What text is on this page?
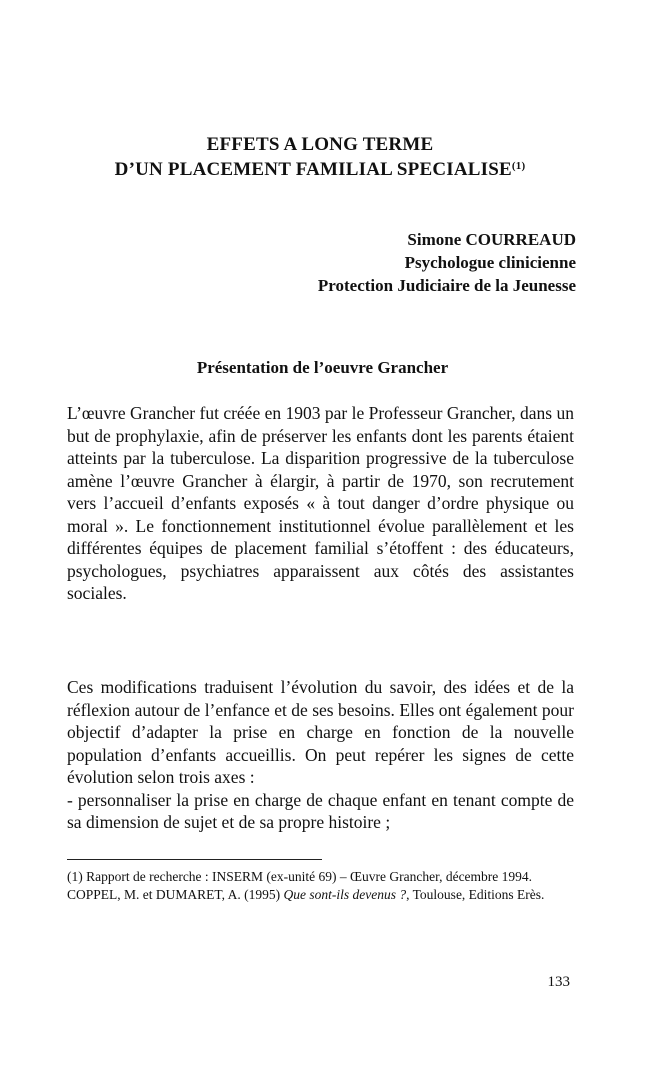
EFFETS A LONG TERME
D’UN PLACEMENT FAMILIAL SPECIALISE$^{(1)}$
Simone COURREAUD
Psychologue clinicienne
Protection Judiciaire de la Jeunesse
Présentation de l’oeuvre Grancher

L’œuvre Grancher fut créée en 1903 par le Professeur Grancher, dans un but de prophylaxie, afin de préserver les enfants dont les parents étaient atteints par la tuberculose. La disparition progressive de la tuberculose amène l’œuvre Grancher à élargir, à partir de 1970, son recrutement vers l’accueil d’enfants exposés « à tout danger d’ordre physique ou moral ». Le fonctionnement institutionnel évolue parallèlement et les différentes équipes de placement familial s’étoffent : des éducateurs, psychologues, psychiatres apparaissent aux côtés des assistantes sociales.

Ces modifications traduisent l’évolution du savoir, des idées et de la réflexion autour de l’enfance et de ses besoins. Elles ont également pour objectif d’adapter la prise en charge en fonction de la nouvelle population d’enfants accueillis. On peut repérer les signes de cette évolution selon trois axes :

- personnaliser la prise en charge de chaque enfant en tenant compte de sa dimension de sujet et de sa propre histoire ;

(1) Rapport de recherche : INSERM (ex-unité 69) – Œuvre Grancher, décembre 1994.

COPPEL, M. et DUMARET, A. (1995) Que sont-ils devenus ?, Toulouse, Editions Erès.

133
